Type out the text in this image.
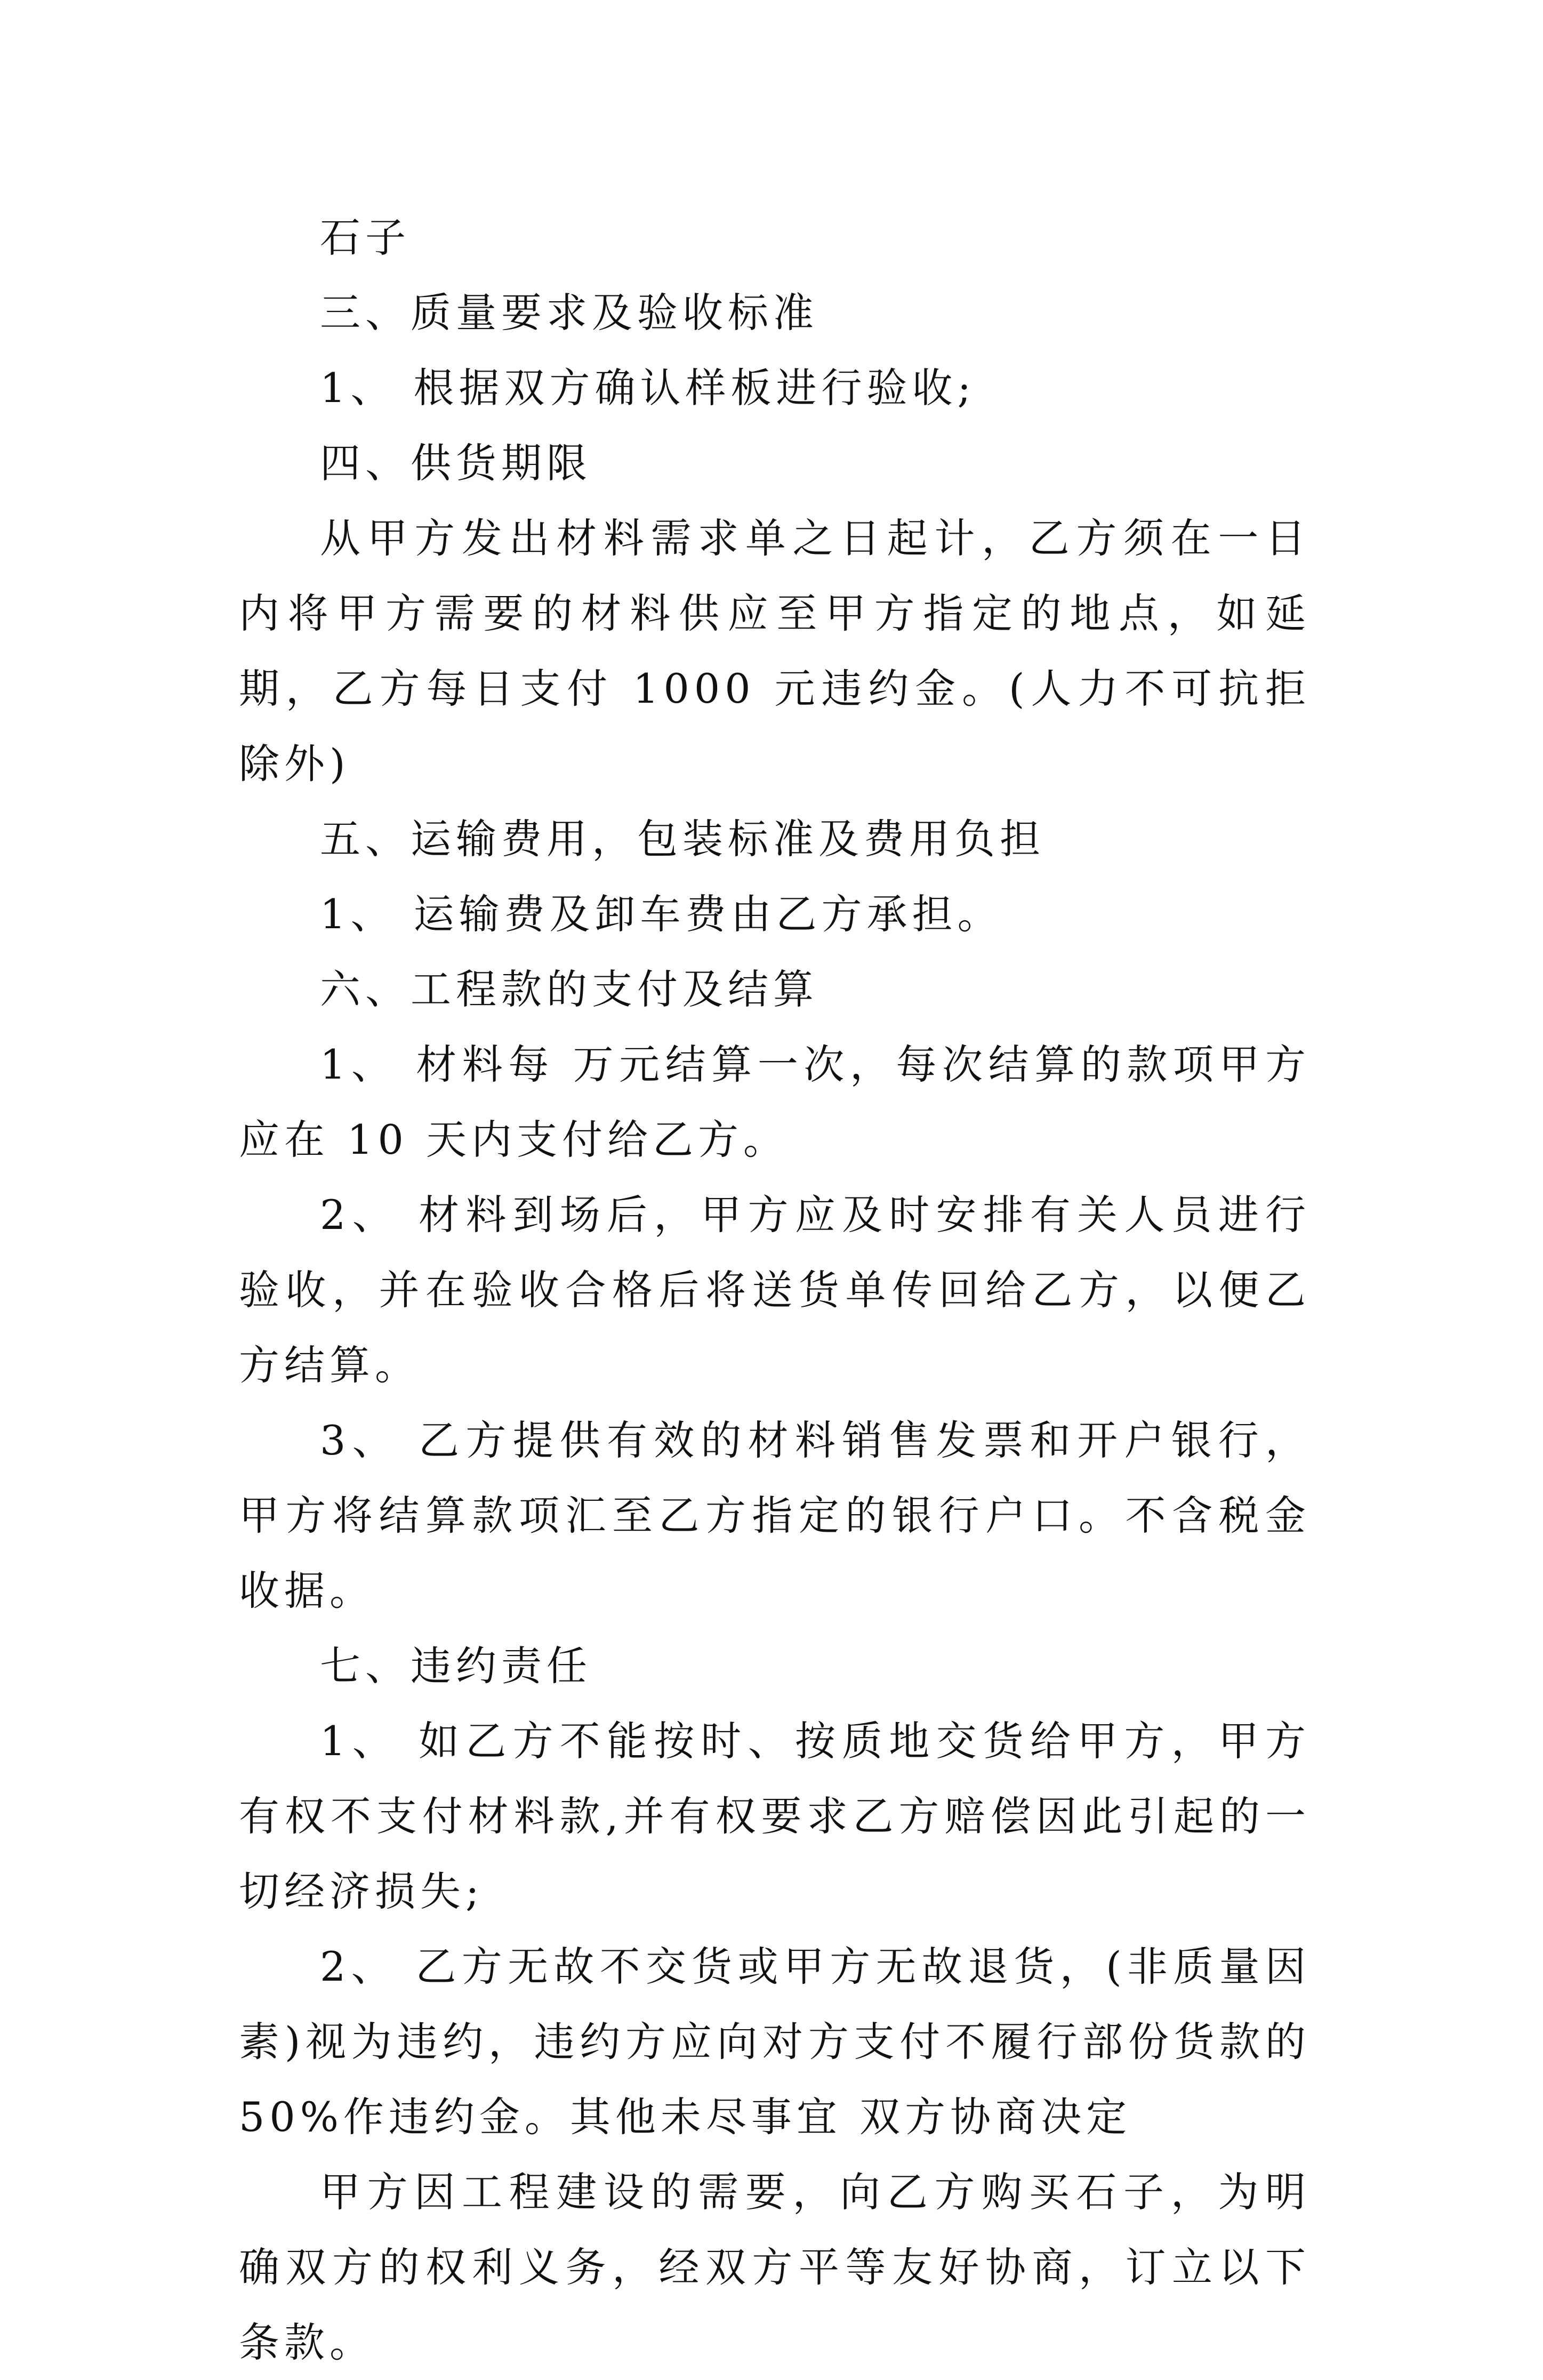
石子

三、质量要求及验收标准

1、 根据双方确认样板进行验收;

四、供货期限

从甲方发出材料需求单之日起计，乙方须在一日内将甲方需要的材料供应至甲方指定的地点，如延期，乙方每日支付 1000 元违约金。(人力不可抗拒除外)

五、运输费用，包装标准及费用负担

1、 运输费及卸车费由乙方承担。

六、工程款的支付及结算

1、 材料每 万元结算一次，每次结算的款项甲方应在 10 天内支付给乙方。

2、 材料到场后，甲方应及时安排有关人员进行验收，并在验收合格后将送货单传回给乙方，以便乙方结算。

3、 乙方提供有效的材料销售发票和开户银行，甲方将结算款项汇至乙方指定的银行户口。不含税金收据。

七、违约责任

1、 如乙方不能按时、按质地交货给甲方，甲方有权不支付材料款,并有权要求乙方赔偿因此引起的一切经济损失;

2、 乙方无故不交货或甲方无故退货，(非质量因素)视为违约，违约方应向对方支付不履行部份货款的 50%作违约金。其他未尽事宜 双方协商决定

甲方因工程建设的需要，向乙方购买石子，为明确双方的权利义务，经双方平等友好协商，订立以下条款。
